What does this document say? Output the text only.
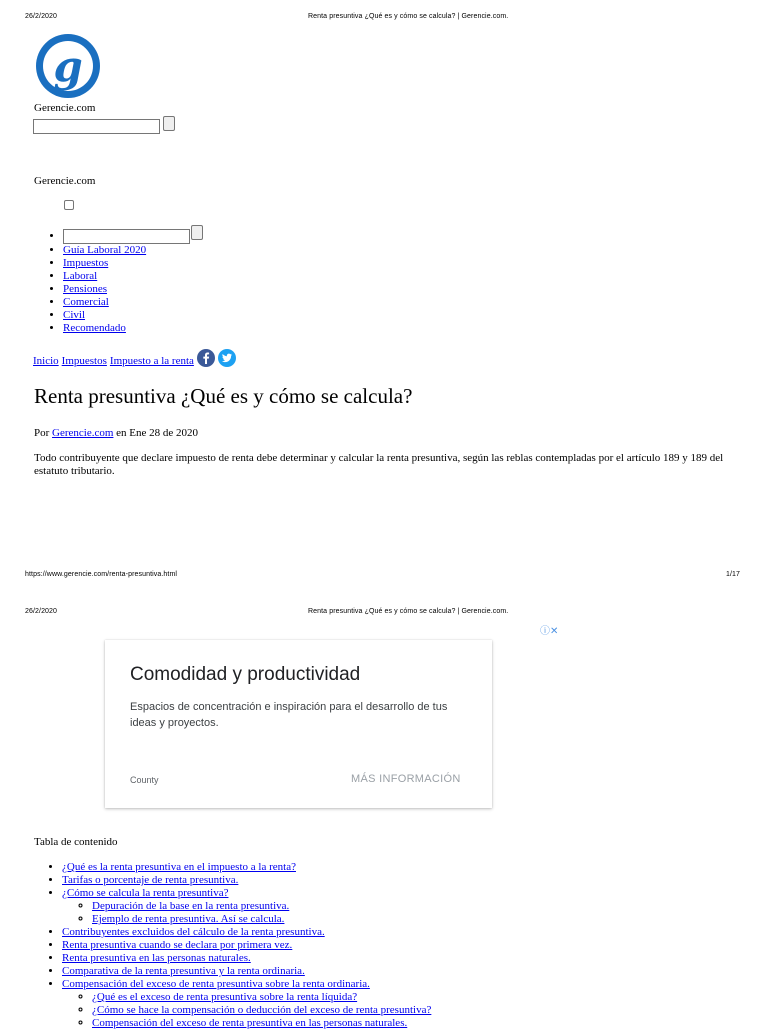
26/2/2020	Renta presuntiva ¿Qué es y cómo se calcula? | Gerencie.com.
g
Gerencie.com
Gerencie.com
•
• Guía Laboral 2020
• Impuestos
• Laboral
• Pensiones
• Comercial
• Civil
• Recomendado
Inicio Impuestos Impuesto a la renta
Renta presuntiva ¿Qué es y cómo se calcula?
Por Gerencie.com en Ene 28 de 2020

Todo contribuyente que declare impuesto de renta debe determinar y calcular la renta presuntiva, según las reblas contempladas por el artículo 189 y 189 del estatuto tributario.

https://www.gerencie.com/renta-presuntiva.html	1/17
26/2/2020	Renta presuntiva ¿Qué es y cómo se calcula? | Gerencie.com.
ⓘ✕
Comodidad y productividad
Espacios de concentración e inspiración para el desarrollo de tus ideas y proyectos.
County	MÁS INFORMACIÓN
Tabla de contenido
• ¿Qué es la renta presuntiva en el impuesto a la renta?
• Tarifas o porcentaje de renta presuntiva.
• ¿Cómo se calcula la renta presuntiva?
◦ Depuración de la base en la renta presuntiva.
◦ Ejemplo de renta presuntiva. Así se calcula.
• Contribuyentes excluidos del cálculo de la renta presuntiva.
• Renta presuntiva cuando se declara por primera vez.
• Renta presuntiva en las personas naturales.
• Comparativa de la renta presuntiva y la renta ordinaria.
• Compensación del exceso de renta presuntiva sobre la renta ordinaria.
◦ ¿Qué es el exceso de renta presuntiva sobre la renta líquida?
◦ ¿Cómo se hace la compensación o deducción del exceso de renta presuntiva?
◦ Compensación del exceso de renta presuntiva en las personas naturales.
